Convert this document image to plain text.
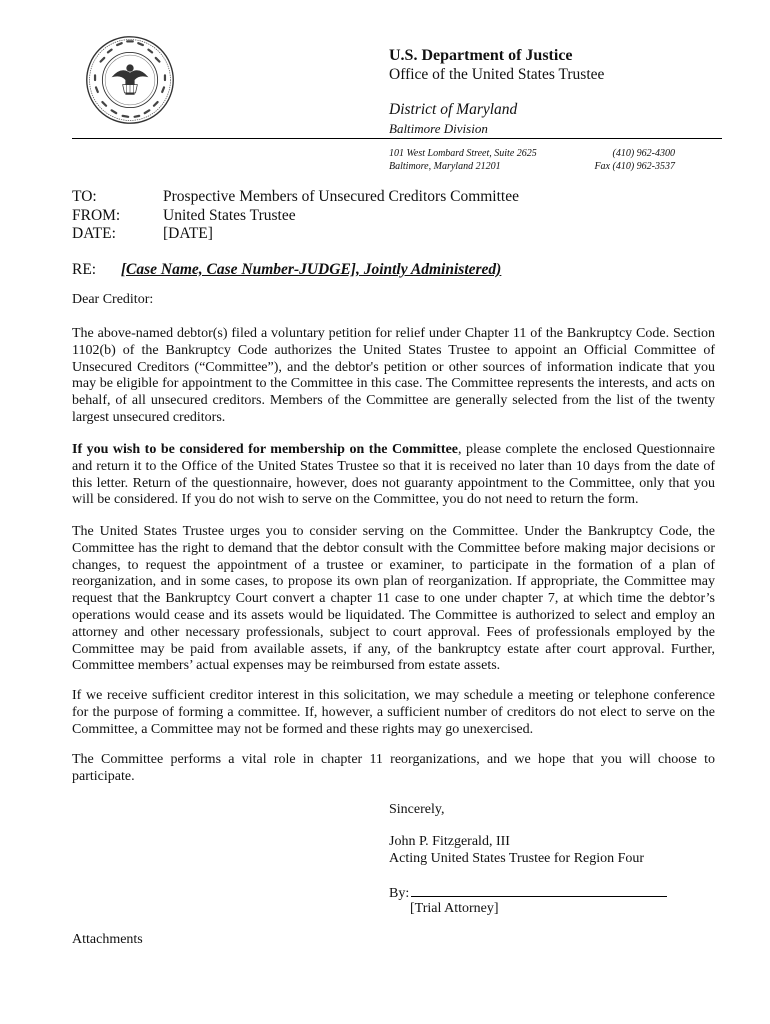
U.S. Department of Justice
Office of the United States Trustee
District of Maryland
Baltimore Division
101 West Lombard Street, Suite 2625
Baltimore, Maryland 21201
(410) 962-4300
Fax (410) 962-3537
TO:	Prospective Members of Unsecured Creditors Committee
FROM:	United States Trustee
DATE:	[DATE]
RE: [Case Name, Case Number-JUDGE], Jointly Administered)
Dear Creditor:

The above-named debtor(s) filed a voluntary petition for relief under Chapter 11 of the Bankruptcy Code. Section 1102(b) of the Bankruptcy Code authorizes the United States Trustee to appoint an Official Committee of Unsecured Creditors (“Committee”), and the debtor's petition or other sources of information indicate that you may be eligible for appointment to the Committee in this case. The Committee represents the interests, and acts on behalf, of all unsecured creditors. Members of the Committee are generally selected from the list of the twenty largest unsecured creditors.

If you wish to be considered for membership on the Committee, please complete the enclosed Questionnaire and return it to the Office of the United States Trustee so that it is received no later than 10 days from the date of this letter. Return of the questionnaire, however, does not guaranty appointment to the Committee, only that you will be considered. If you do not wish to serve on the Committee, you do not need to return the form.

The United States Trustee urges you to consider serving on the Committee. Under the Bankruptcy Code, the Committee has the right to demand that the debtor consult with the Committee before making major decisions or changes, to request the appointment of a trustee or examiner, to participate in the formation of a plan of reorganization, and in some cases, to propose its own plan of reorganization. If appropriate, the Committee may request that the Bankruptcy Court convert a chapter 11 case to one under chapter 7, at which time the debtor’s operations would cease and its assets would be liquidated. The Committee is authorized to select and employ an attorney and other necessary professionals, subject to court approval. Fees of professionals employed by the Committee may be paid from available assets, if any, of the bankruptcy estate after court approval. Further, Committee members’ actual expenses may be reimbursed from estate assets.

If we receive sufficient creditor interest in this solicitation, we may schedule a meeting or telephone conference for the purpose of forming a committee. If, however, a sufficient number of creditors do not elect to serve on the Committee, a Committee may not be formed and these rights may go unexercised.

The Committee performs a vital role in chapter 11 reorganizations, and we hope that you will choose to participate.

Sincerely,
John P. Fitzgerald, III
Acting United States Trustee for Region Four
By:
[Trial Attorney]
Attachments
